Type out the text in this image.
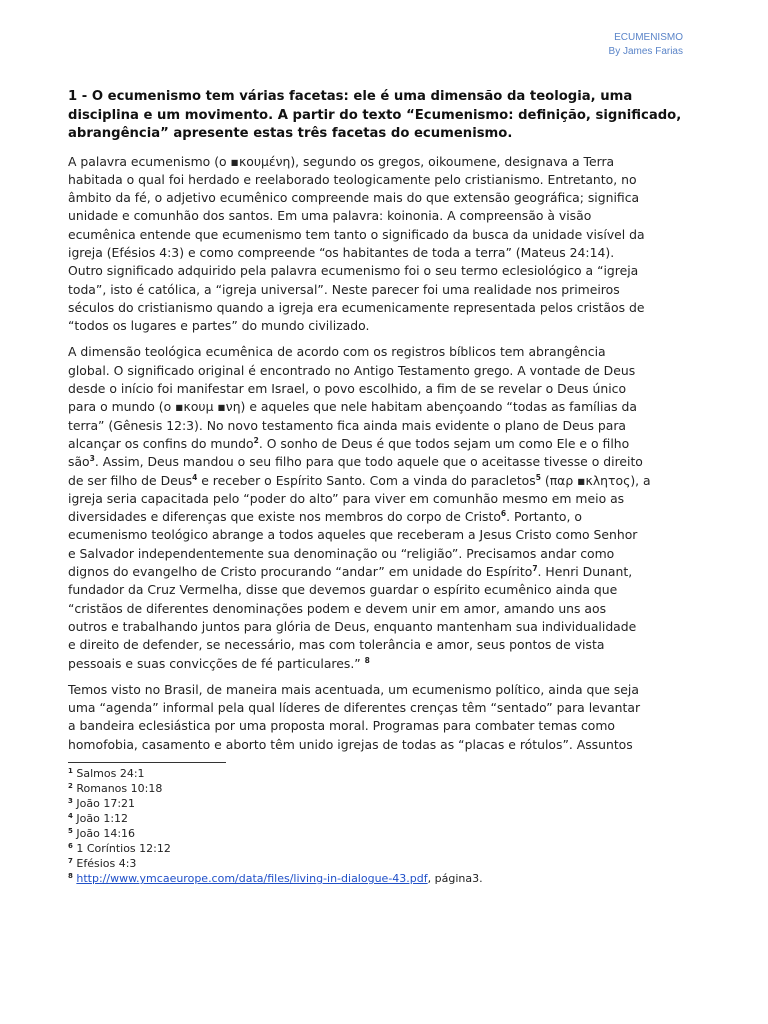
ECUMENISMO
By James Farias
1 - O ecumenismo tem várias facetas: ele é uma dimensão da teologia, uma
disciplina e um movimento. A partir do texto “Ecumenismo: definição, significado,
abrangência” apresente estas três facetas do ecumenismo.
A palavra ecumenismo (o ▪κουμένη), segundo os gregos, oikoumene, designava a Terra
habitada o qual foi herdado e reelaborado teologicamente pelo cristianismo. Entretanto, no
âmbito da fé, o adjetivo ecumênico compreende mais do que extensão geográfica; significa
unidade e comunhão dos santos. Em uma palavra: koinonia. A compreensão à visão
ecumênica entende que ecumenismo tem tanto o significado da busca da unidade visível da
igreja (Efésios 4:3) e como compreende “os habitantes de toda a terra” (Mateus 24:14).
Outro significado adquirido pela palavra ecumenismo foi o seu termo eclesiológico a “igreja
toda”, isto é católica, a “igreja universal”. Neste parecer foi uma realidade nos primeiros
séculos do cristianismo quando a igreja era ecumenicamente representada pelos cristãos de
“todos os lugares e partes” do mundo civilizado.
A dimensão teológica ecumênica de acordo com os registros bíblicos tem abrangência
global. O significado original é encontrado no Antigo Testamento grego. A vontade de Deus
desde o início foi manifestar em Israel, o povo escolhido, a fim de se revelar o Deus único
para o mundo (o ▪κουμ ▪νη) e aqueles que nele habitam abençoando “todas as famílias da
terra” (Gênesis 12:3). No novo testamento fica ainda mais evidente o plano de Deus para
alcançar os confins do mundo$^2$. O sonho de Deus é que todos sejam um como Ele e o filho
são$^3$. Assim, Deus mandou o seu filho para que todo aquele que o aceitasse tivesse o direito
de ser filho de Deus$^4$ e receber o Espírito Santo. Com a vinda do paracletos$^5$ (παρ ▪κλητος), a
igreja seria capacitada pelo “poder do alto” para viver em comunhão mesmo em meio as
diversidades e diferenças que existe nos membros do corpo de Cristo$^6$. Portanto, o
ecumenismo teológico abrange a todos aqueles que receberam a Jesus Cristo como Senhor
e Salvador independentemente sua denominação ou “religião”. Precisamos andar como
dignos do evangelho de Cristo procurando “andar” em unidade do Espírito$^7$. Henri Dunant,
fundador da Cruz Vermelha, disse que devemos guardar o espírito ecumênico ainda que
“cristãos de diferentes denominações podem e devem unir em amor, amando uns aos
outros e trabalhando juntos para glória de Deus, enquanto mantenham sua individualidade
e direito de defender, se necessário, mas com tolerância e amor, seus pontos de vista
pessoais e suas convicções de fé particulares.” $^8$
Temos visto no Brasil, de maneira mais acentuada, um ecumenismo político, ainda que seja
uma “agenda” informal pela qual líderes de diferentes crenças têm “sentado” para levantar
a bandeira eclesiástica por uma proposta moral. Programas para combater temas como
homofobia, casamento e aborto têm unido igrejas de todas as “placas e rótulos”. Assuntos
$^1$ Salmos 24:1
$^2$ Romanos 10:18
$^3$ João 17:21
$^4$ João 1:12
$^5$ João 14:16
$^6$ 1 Coríntios 12:12
$^7$ Efésios 4:3
$^8$ http://www.ymcaeurope.com/data/files/living-in-dialogue-43.pdf, página3.
